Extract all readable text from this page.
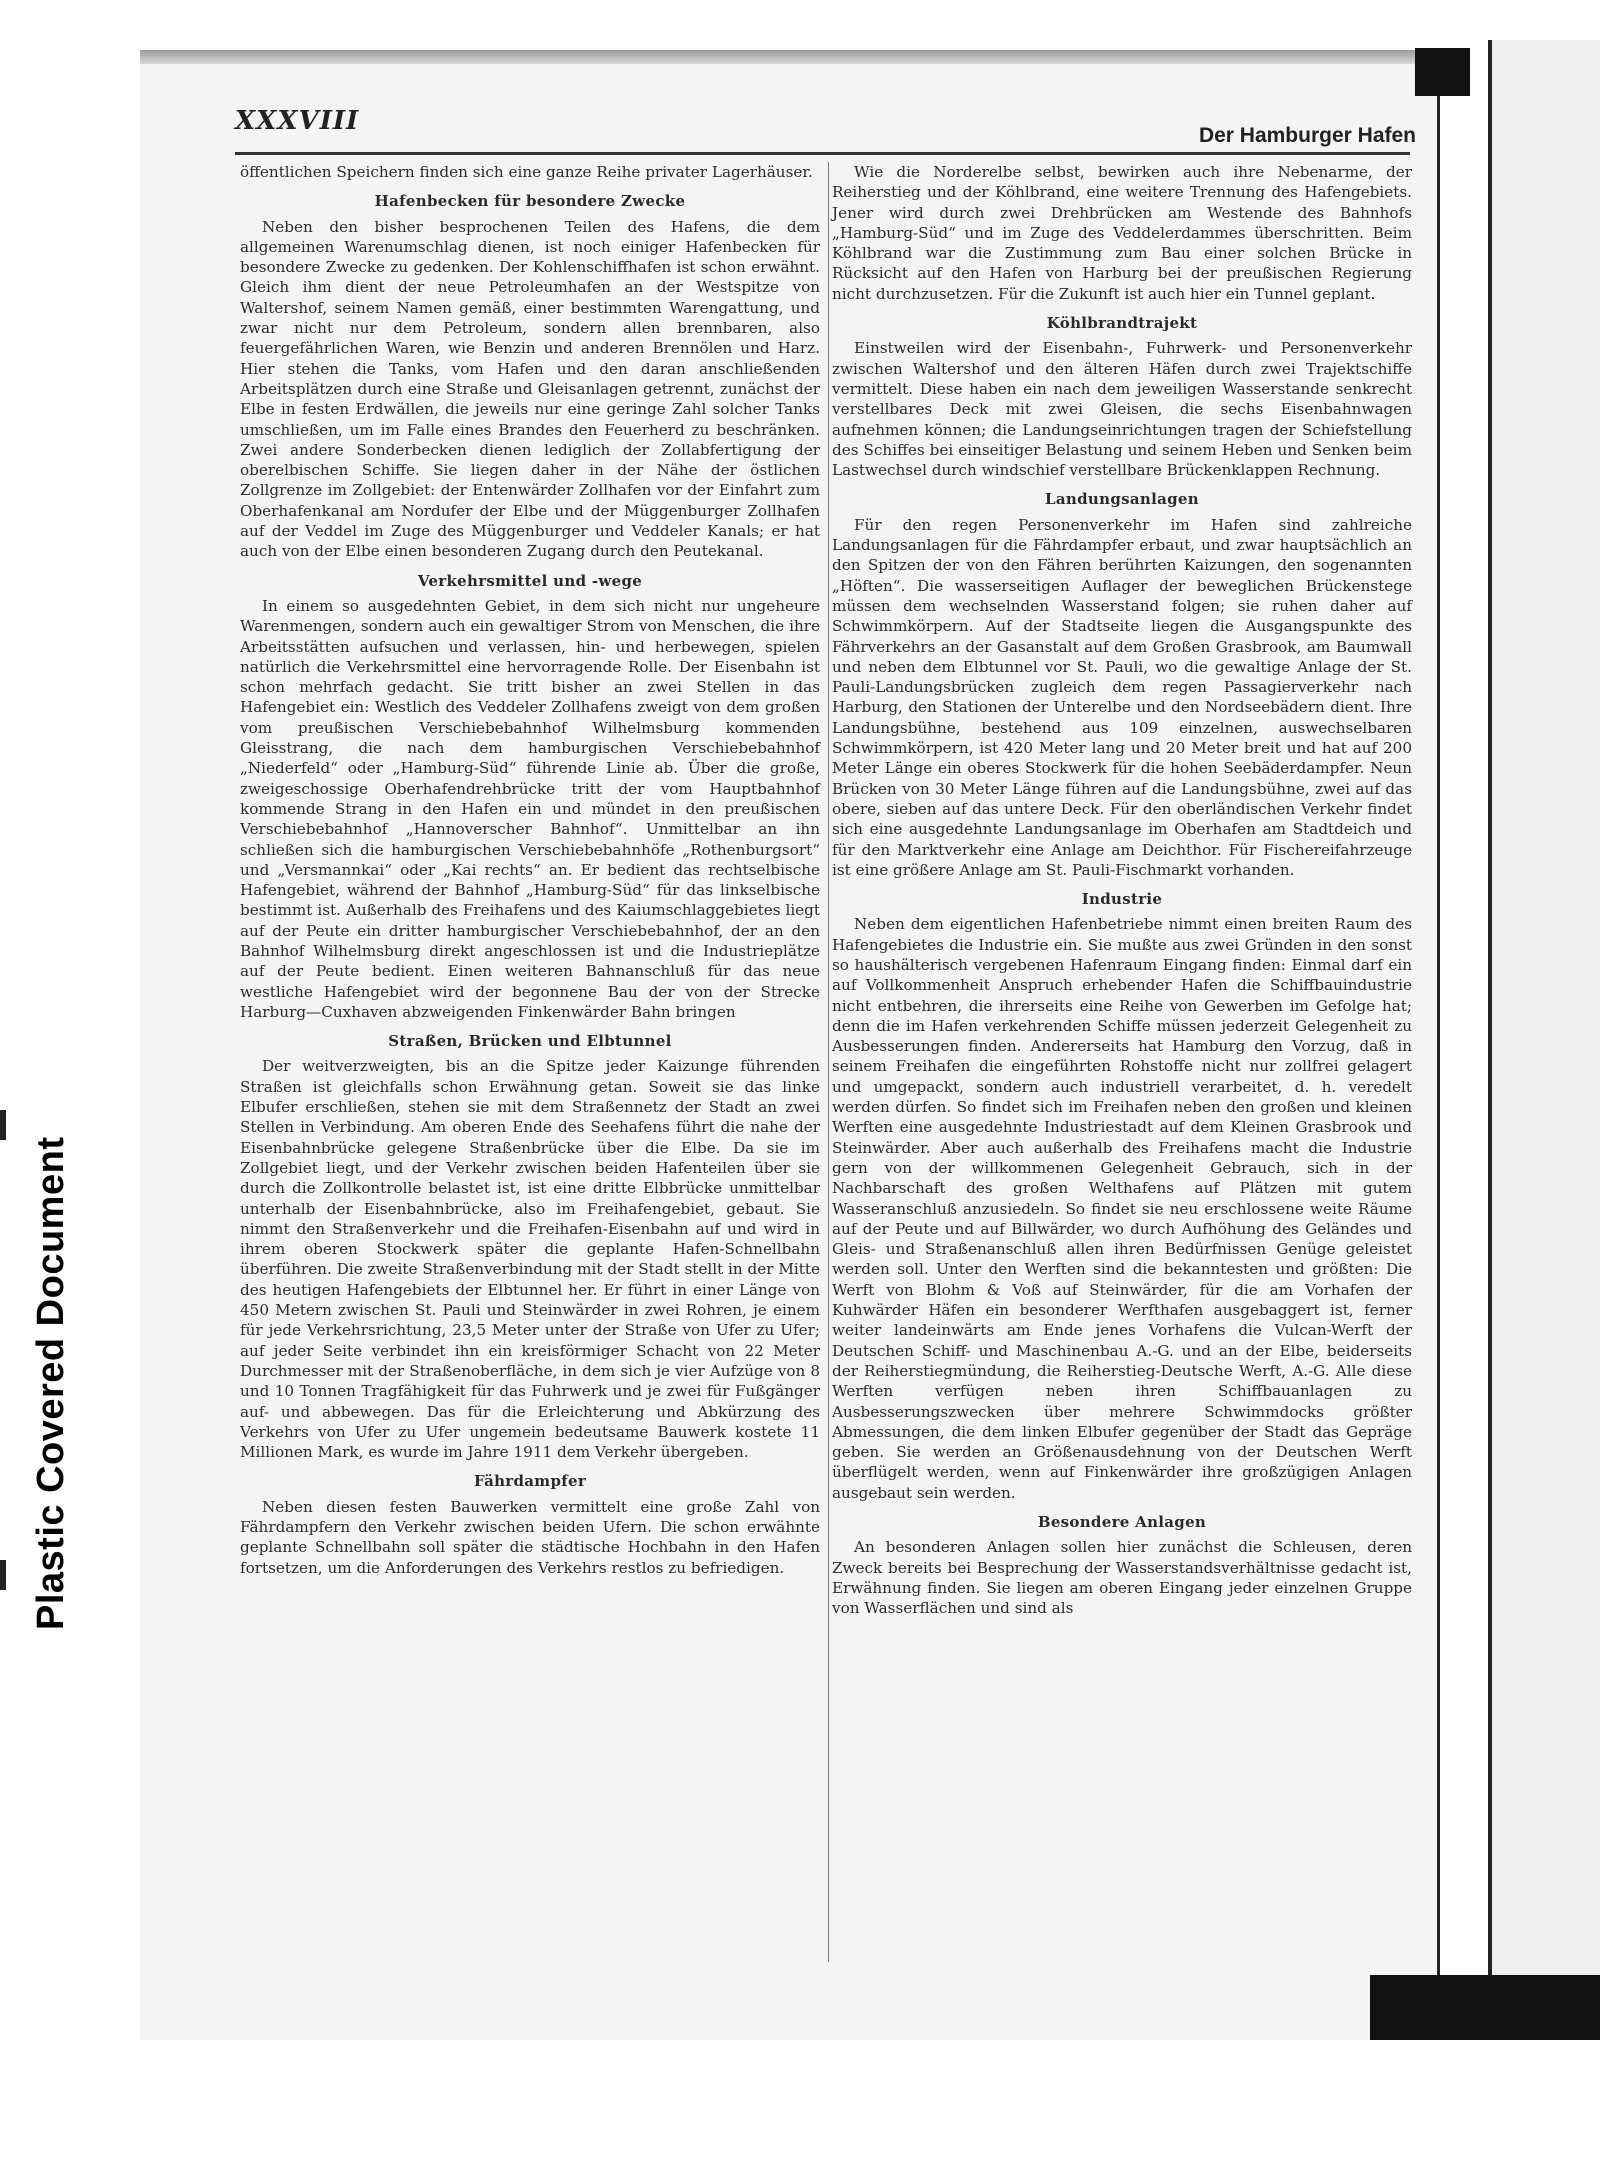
Plastic Covered Document
XXXVIII	Der Hamburger Hafen

öffentlichen Speichern finden sich eine ganze Reihe privater Lagerhäuser.

Hafenbecken für besondere Zwecke

Neben den bisher besprochenen Teilen des Hafens, die dem allgemeinen Warenumschlag dienen, ist noch einiger Hafenbecken für besondere Zwecke zu gedenken. Der Kohlenschiffhafen ist schon erwähnt. Gleich ihm dient der neue Petroleumhafen an der Westspitze von Waltershof, seinem Namen gemäß, einer bestimmten Warengattung, und zwar nicht nur dem Petroleum, sondern allen brennbaren, also feuergefährlichen Waren, wie Benzin und anderen Brennölen und Harz. Hier stehen die Tanks, vom Hafen und den daran anschließenden Arbeitsplätzen durch eine Straße und Gleisanlagen getrennt, zunächst der Elbe in festen Erdwällen, die jeweils nur eine geringe Zahl solcher Tanks umschließen, um im Falle eines Brandes den Feuerherd zu beschränken. Zwei andere Sonderbecken dienen lediglich der Zollabfertigung der oberelbischen Schiffe. Sie liegen daher in der Nähe der östlichen Zollgrenze im Zollgebiet: der Entenwärder Zollhafen vor der Einfahrt zum Oberhafenkanal am Nordufer der Elbe und der Müggenburger Zollhafen auf der Veddel im Zuge des Müggenburger und Veddeler Kanals; er hat auch von der Elbe einen besonderen Zugang durch den Peutekanal.

Verkehrsmittel und -wege

In einem so ausgedehnten Gebiet, in dem sich nicht nur ungeheure Warenmengen, sondern auch ein gewaltiger Strom von Menschen, die ihre Arbeitsstätten aufsuchen und verlassen, hin- und herbewegen, spielen natürlich die Verkehrsmittel eine hervorragende Rolle. Der Eisenbahn ist schon mehrfach gedacht. Sie tritt bisher an zwei Stellen in das Hafengebiet ein: Westlich des Veddeler Zollhafens zweigt von dem großen vom preußischen Verschiebebahnhof Wilhelmsburg kommenden Gleisstrang, die nach dem hamburgischen Verschiebebahnhof „Niederfeld“ oder „Hamburg-Süd“ führende Linie ab. Über die große, zweigeschossige Oberhafendrehbrücke tritt der vom Hauptbahnhof kommende Strang in den Hafen ein und mündet in den preußischen Verschiebebahnhof „Hannoverscher Bahnhof“. Unmittelbar an ihn schließen sich die hamburgischen Verschiebebahnhöfe „Rothenburgsort“ und „Versmannkai“ oder „Kai rechts“ an. Er bedient das rechtselbische Hafengebiet, während der Bahnhof „Hamburg-Süd“ für das linkselbische bestimmt ist. Außerhalb des Freihafens und des Kaiumschlaggebietes liegt auf der Peute ein dritter hamburgischer Verschiebebahnhof, der an den Bahnhof Wilhelmsburg direkt angeschlossen ist und die Industrieplätze auf der Peute bedient. Einen weiteren Bahnanschluß für das neue westliche Hafengebiet wird der begonnene Bau der von der Strecke Harburg—Cuxhaven abzweigenden Finkenwärder Bahn bringen

Straßen, Brücken und Elbtunnel

Der weitverzweigten, bis an die Spitze jeder Kaizunge führenden Straßen ist gleichfalls schon Erwähnung getan. Soweit sie das linke Elbufer erschließen, stehen sie mit dem Straßennetz der Stadt an zwei Stellen in Verbindung. Am oberen Ende des Seehafens führt die nahe der Eisenbahnbrücke gelegene Straßenbrücke über die Elbe. Da sie im Zollgebiet liegt, und der Verkehr zwischen beiden Hafenteilen über sie durch die Zollkontrolle belastet ist, ist eine dritte Elbbrücke unmittelbar unterhalb der Eisenbahnbrücke, also im Freihafengebiet, gebaut. Sie nimmt den Straßenverkehr und die Freihafen-Eisenbahn auf und wird in ihrem oberen Stockwerk später die geplante Hafen-Schnellbahn überführen. Die zweite Straßenverbindung mit der Stadt stellt in der Mitte des heutigen Hafengebiets der Elbtunnel her. Er führt in einer Länge von 450 Metern zwischen St. Pauli und Steinwärder in zwei Rohren, je einem für jede Verkehrsrichtung, 23,5 Meter unter der Straße von Ufer zu Ufer; auf jeder Seite verbindet ihn ein kreisförmiger Schacht von 22 Meter Durchmesser mit der Straßenoberfläche, in dem sich je vier Aufzüge von 8 und 10 Tonnen Tragfähigkeit für das Fuhrwerk und je zwei für Fußgänger auf- und abbewegen. Das für die Erleichterung und Abkürzung des Verkehrs von Ufer zu Ufer ungemein bedeutsame Bauwerk kostete 11 Millionen Mark, es wurde im Jahre 1911 dem Verkehr übergeben.

Fährdampfer

Neben diesen festen Bauwerken vermittelt eine große Zahl von Fährdampfern den Verkehr zwischen beiden Ufern. Die schon erwähnte geplante Schnellbahn soll später die städtische Hochbahn in den Hafen fortsetzen, um die Anforderungen des Verkehrs restlos zu befriedigen.

Wie die Norderelbe selbst, bewirken auch ihre Nebenarme, der Reiherstieg und der Köhlbrand, eine weitere Trennung des Hafengebiets. Jener wird durch zwei Drehbrücken am Westende des Bahnhofs „Hamburg-Süd“ und im Zuge des Veddelerdammes überschritten. Beim Köhlbrand war die Zustimmung zum Bau einer solchen Brücke in Rücksicht auf den Hafen von Harburg bei der preußischen Regierung nicht durchzusetzen. Für die Zukunft ist auch hier ein Tunnel geplant.

Köhlbrandtrajekt

Einstweilen wird der Eisenbahn-, Fuhrwerk- und Personenverkehr zwischen Waltershof und den älteren Häfen durch zwei Trajektschiffe vermittelt. Diese haben ein nach dem jeweiligen Wasserstande senkrecht verstellbares Deck mit zwei Gleisen, die sechs Eisenbahnwagen aufnehmen können; die Landungseinrichtungen tragen der Schiefstellung des Schiffes bei einseitiger Belastung und seinem Heben und Senken beim Lastwechsel durch windschief verstellbare Brückenklappen Rechnung.

Landungsanlagen

Für den regen Personenverkehr im Hafen sind zahlreiche Landungsanlagen für die Fährdampfer erbaut, und zwar hauptsächlich an den Spitzen der von den Fähren berührten Kaizungen, den sogenannten „Höften“. Die wasserseitigen Auflager der beweglichen Brückenstege müssen dem wechselnden Wasserstand folgen; sie ruhen daher auf Schwimmkörpern. Auf der Stadtseite liegen die Ausgangspunkte des Fährverkehrs an der Gasanstalt auf dem Großen Grasbrook, am Baumwall und neben dem Elbtunnel vor St. Pauli, wo die gewaltige Anlage der St. Pauli-Landungsbrücken zugleich dem regen Passagierverkehr nach Harburg, den Stationen der Unterelbe und den Nordseebädern dient. Ihre Landungsbühne, bestehend aus 109 einzelnen, auswechselbaren Schwimmkörpern, ist 420 Meter lang und 20 Meter breit und hat auf 200 Meter Länge ein oberes Stockwerk für die hohen Seebäderdampfer. Neun Brücken von 30 Meter Länge führen auf die Landungsbühne, zwei auf das obere, sieben auf das untere Deck. Für den oberländischen Verkehr findet sich eine ausgedehnte Landungsanlage im Oberhafen am Stadtdeich und für den Marktverkehr eine Anlage am Deichthor. Für Fischereifahrzeuge ist eine größere Anlage am St. Pauli-Fischmarkt vorhanden.

Industrie

Neben dem eigentlichen Hafenbetriebe nimmt einen breiten Raum des Hafengebietes die Industrie ein. Sie mußte aus zwei Gründen in den sonst so haushälterisch vergebenen Hafenraum Eingang finden: Einmal darf ein auf Vollkommenheit Anspruch erhebender Hafen die Schiffbauindustrie nicht entbehren, die ihrerseits eine Reihe von Gewerben im Gefolge hat; denn die im Hafen verkehrenden Schiffe müssen jederzeit Gelegenheit zu Ausbesserungen finden. Andererseits hat Hamburg den Vorzug, daß in seinem Freihafen die eingeführten Rohstoffe nicht nur zollfrei gelagert und umgepackt, sondern auch industriell verarbeitet, d. h. veredelt werden dürfen. So findet sich im Freihafen neben den großen und kleinen Werften eine ausgedehnte Industriestadt auf dem Kleinen Grasbrook und Steinwärder. Aber auch außerhalb des Freihafens macht die Industrie gern von der willkommenen Gelegenheit Gebrauch, sich in der Nachbarschaft des großen Welthafens auf Plätzen mit gutem Wasseranschluß anzusiedeln. So findet sie neu erschlossene weite Räume auf der Peute und auf Billwärder, wo durch Aufhöhung des Geländes und Gleis- und Straßenanschluß allen ihren Bedürfnissen Genüge geleistet werden soll. Unter den Werften sind die bekanntesten und größten: Die Werft von Blohm & Voß auf Steinwärder, für die am Vorhafen der Kuhwärder Häfen ein besonderer Werfthafen ausgebaggert ist, ferner weiter landeinwärts am Ende jenes Vorhafens die Vulcan-Werft der Deutschen Schiff- und Maschinenbau A.-G. und an der Elbe, beiderseits der Reiherstiegmündung, die Reiherstieg-Deutsche Werft, A.-G. Alle diese Werften verfügen neben ihren Schiffbauanlagen zu Ausbesserungszwecken über mehrere Schwimmdocks größter Abmessungen, die dem linken Elbufer gegenüber der Stadt das Gepräge geben. Sie werden an Größenausdehnung von der Deutschen Werft überflügelt werden, wenn auf Finkenwärder ihre großzügigen Anlagen ausgebaut sein werden.

Besondere Anlagen

An besonderen Anlagen sollen hier zunächst die Schleusen, deren Zweck bereits bei Besprechung der Wasserstandsverhältnisse gedacht ist, Erwähnung finden. Sie liegen am oberen Eingang jeder einzelnen Gruppe von Wasserflächen und sind als
